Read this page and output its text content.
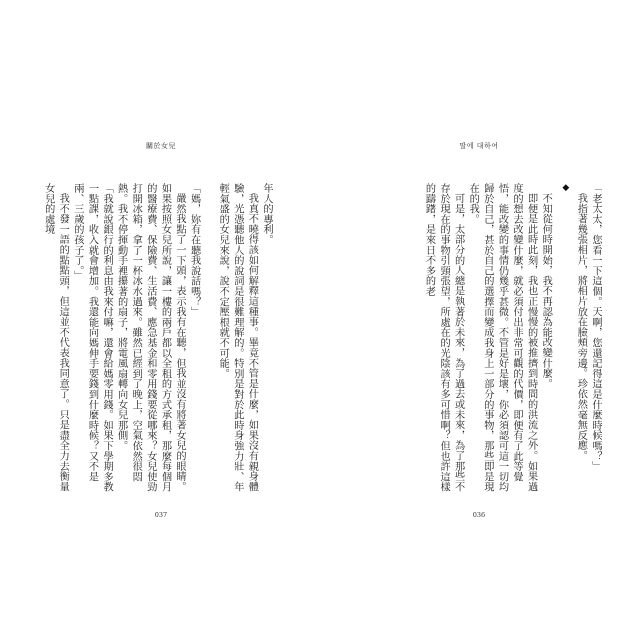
關於女兒
年人的專利。
我真不曉得該如何解釋這種事。畢竟不管是什麼，如果沒有親身體驗，光憑聽他人的說詞是很難理解的。特別是對於此時身強力壯、年輕氣盛的女兒來說，說不定壓根就不可能。
「媽，妳有在聽我說話嗎？」
嚴然我點了一下頭，表示我有在聽，但我並沒有將著女兒的眼睛。如果按照女兒所說，讓一樓的兩戶都以全租的方式承租，那麼每個月的醫療費、保險費、生活費、應急基金和零用錢要從哪來？女兒使勁打開冰箱，拿了一杯冰水過來。雖然已經到了晚上，空氣依然很悶熱。我不停揮動手裡攥著的扇子，將電風扇轉向女兒那側。
「我就說銀行的利息由我來付嘛，還會給媽零用錢。如果下學期多教一點課，收入就會增加。我還能向媽伸手要錢到什麼時候？又不是兩、三歲的孩子了。」
我不發一語的點點頭，但這並不代表我同意了。只是盡全力去衡量女兒的處境
037
딸에 대하여
「老太太，您看一下這個。天啊，您還記得這是什麼時候嗎？」
我指著幾張相片，將相片放在臉頰旁邊。珍依然毫無反應。
◆
不知從何時開始，我不再認為能改變什麼。
即便是此時此刻，我也正慢慢的被推擠到時間的洪流之外。如果過度的想去改變什麼，就必須付出非常可觀的代價，即便有了此等覺悟，能改變的事情仍幾乎甚微。不管是好是壞，你必須認可這一切均歸於自己，甚於自己的選擇而變成我身上一部分的事物，那些即是現在的我。
可是，太部分的人總是執著於未來，為了過去或未來，為了那些不存於現在的事物引頸張望，所處在的光陰該有多可惜啊？但也許這樣的躊躇，是來日不多的老
036
